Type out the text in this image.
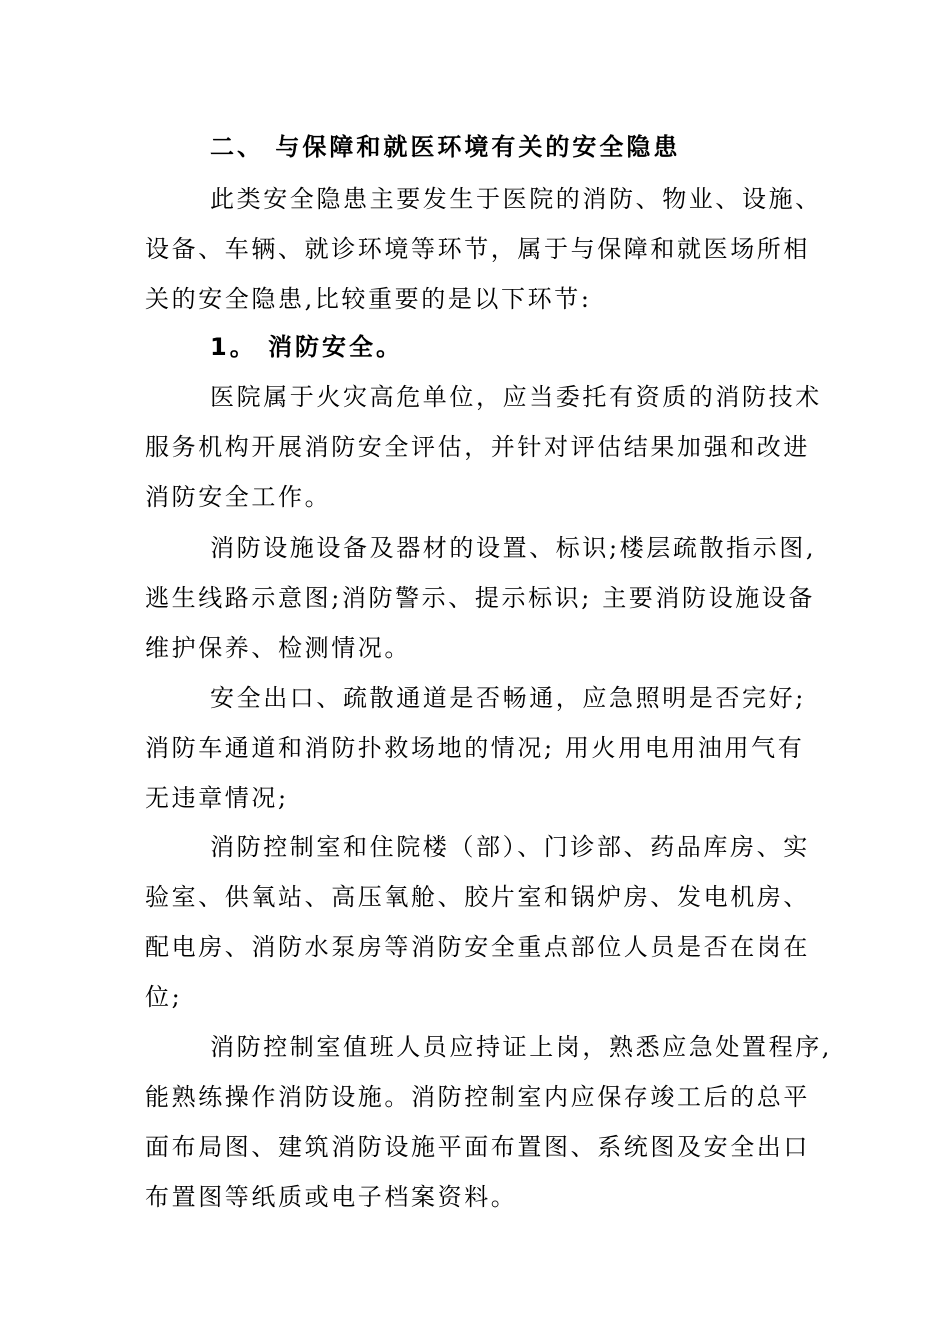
二、 与保障和就医环境有关的安全隐患
此类安全隐患主要发生于医院的消防、物业、设施、
设备、车辆、就诊环境等环节，属于与保障和就医场所相
关的安全隐患,比较重要的是以下环节:
1。 消防安全。
医院属于火灾高危单位，应当委托有资质的消防技术
服务机构开展消防安全评估，并针对评估结果加强和改进
消防安全工作。
消防设施设备及器材的设置、标识;楼层疏散指示图,
逃生线路示意图;消防警示、提示标识; 主要消防设施设备
维护保养、检测情况。
安全出口、疏散通道是否畅通，应急照明是否完好;
消防车通道和消防扑救场地的情况; 用火用电用油用气有
无违章情况;
消防控制室和住院楼（部）、门诊部、药品库房、实
验室、供氧站、高压氧舱、胶片室和锅炉房、发电机房、
配电房、消防水泵房等消防安全重点部位人员是否在岗在
位;
消防控制室值班人员应持证上岗，熟悉应急处置程序,
能熟练操作消防设施。消防控制室内应保存竣工后的总平
面布局图、建筑消防设施平面布置图、系统图及安全出口
布置图等纸质或电子档案资料。
